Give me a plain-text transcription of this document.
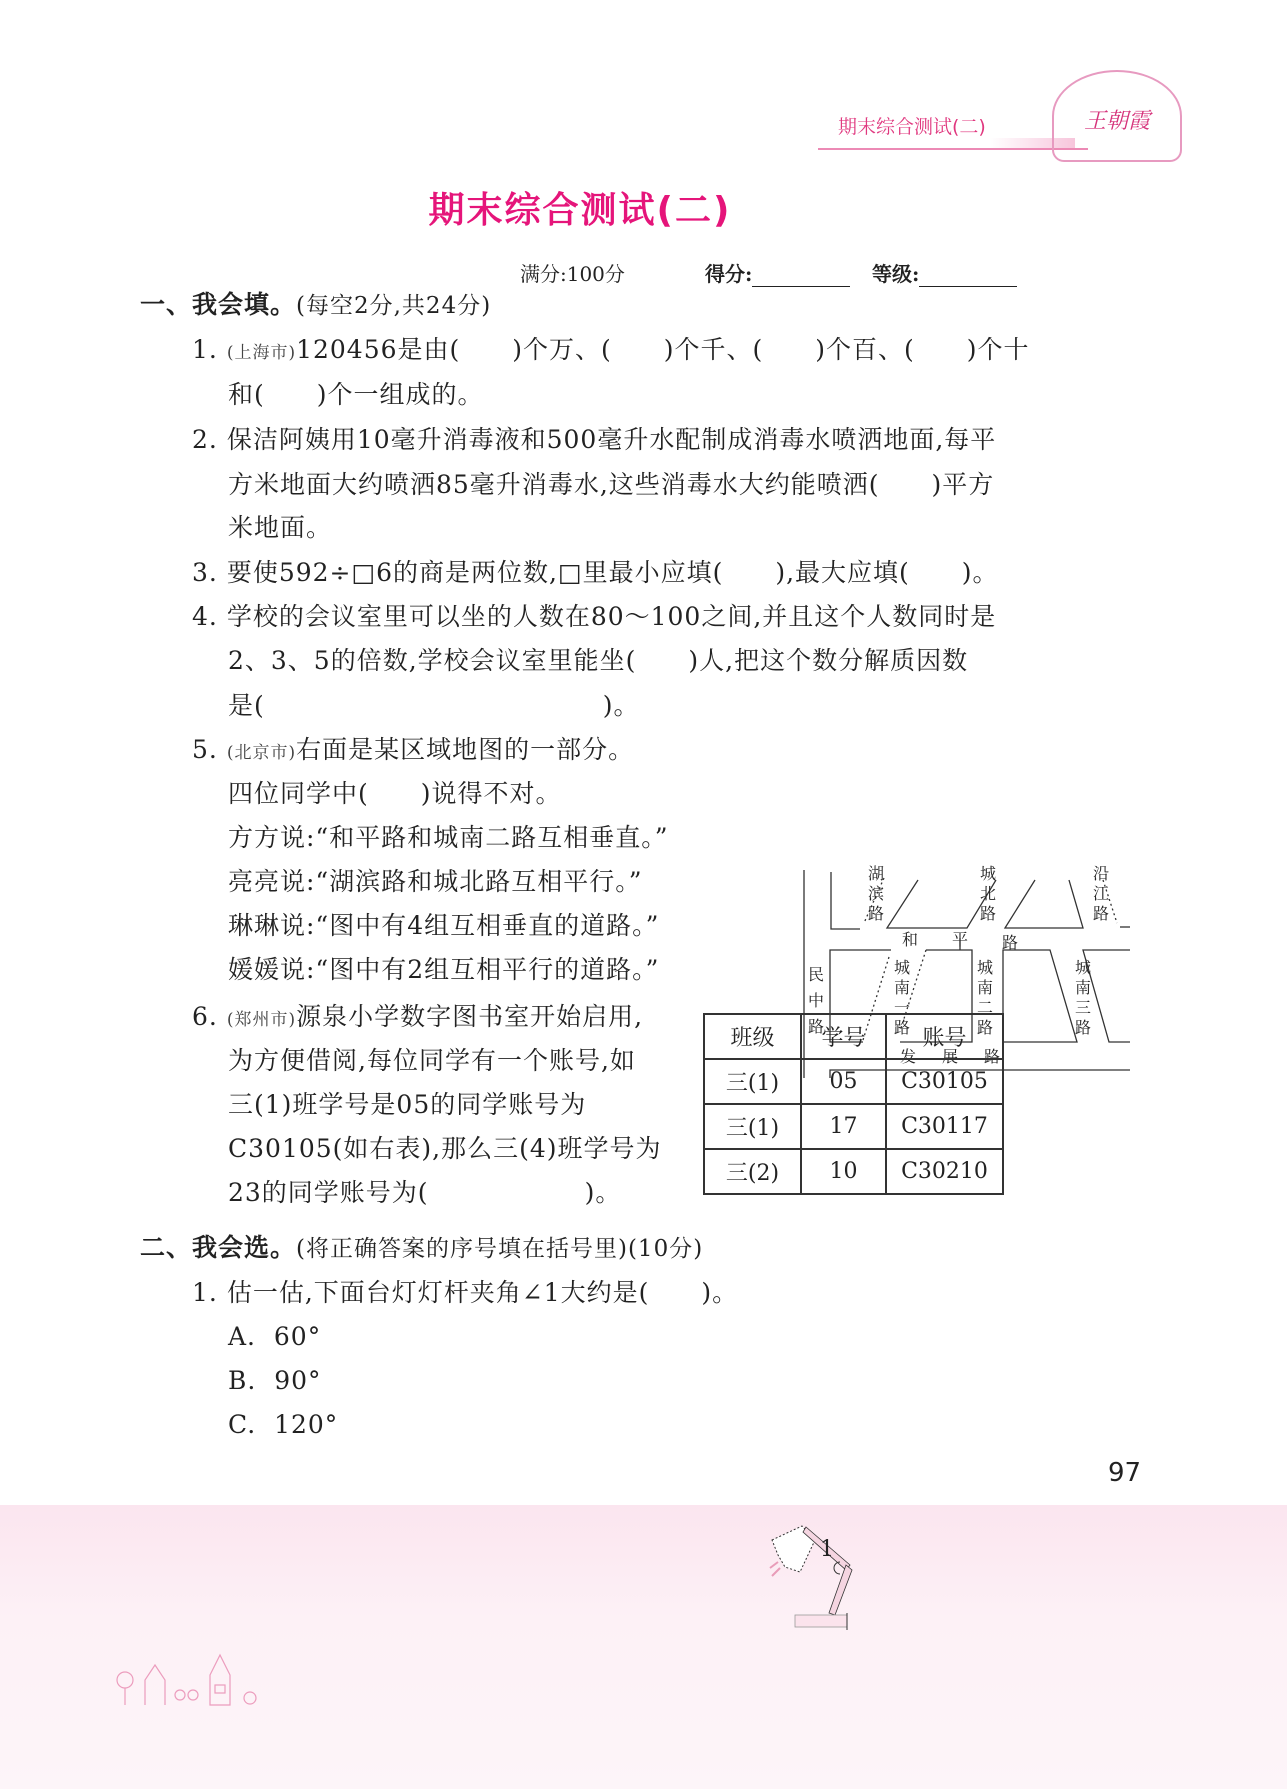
期末综合测试(二)	王朝霞
期末综合测试(二)
满分:100分	得分:	等级:
一、我会填。(每空2分,共24分)
1. (上海市)120456是由(　　)个万、(　　)个千、(　　)个百、(　　)个十
和(　　)个一组成的。
2. 保洁阿姨用10毫升消毒液和500毫升水配制成消毒水喷洒地面,每平
方米地面大约喷洒85毫升消毒水,这些消毒水大约能喷洒(　　)平方
米地面。
3. 要使592÷□6的商是两位数,□里最小应填(　　),最大应填(　　)。
4. 学校的会议室里可以坐的人数在80～100之间,并且这个人数同时是
2、3、5的倍数,学校会议室里能坐(　　)人,把这个数分解质因数
是(　　　　　　　　　　　　　)。
5. (北京市)右面是某区域地图的一部分。
四位同学中(　　)说得不对。
方方说:“和平路和城南二路互相垂直。”
亮亮说:“湖滨路和城北路互相平行。”
琳琳说:“图中有4组互相垂直的道路。”
媛媛说:“图中有2组互相平行的道路。”
湖滨路
城北路
沿江路
和 平 路
民中路
城南一路
城南二路
城南三路
发展路
6. (郑州市)源泉小学数字图书室开始启用,
为方便借阅,每位同学有一个账号,如
三(1)班学号是05的同学账号为
C30105(如右表),那么三(4)班学号为
23的同学账号为(　　　　　　)。
班级	学号	账号
三(1)	05	C30105
三(1)	17	C30117
三(2)	10	C30210
二、我会选。(将正确答案的序号填在括号里)(10分)
1. 估一估,下面台灯灯杆夹角∠1大约是(　　)。
A.  60°
B.  90°
C.  120°
1
97
